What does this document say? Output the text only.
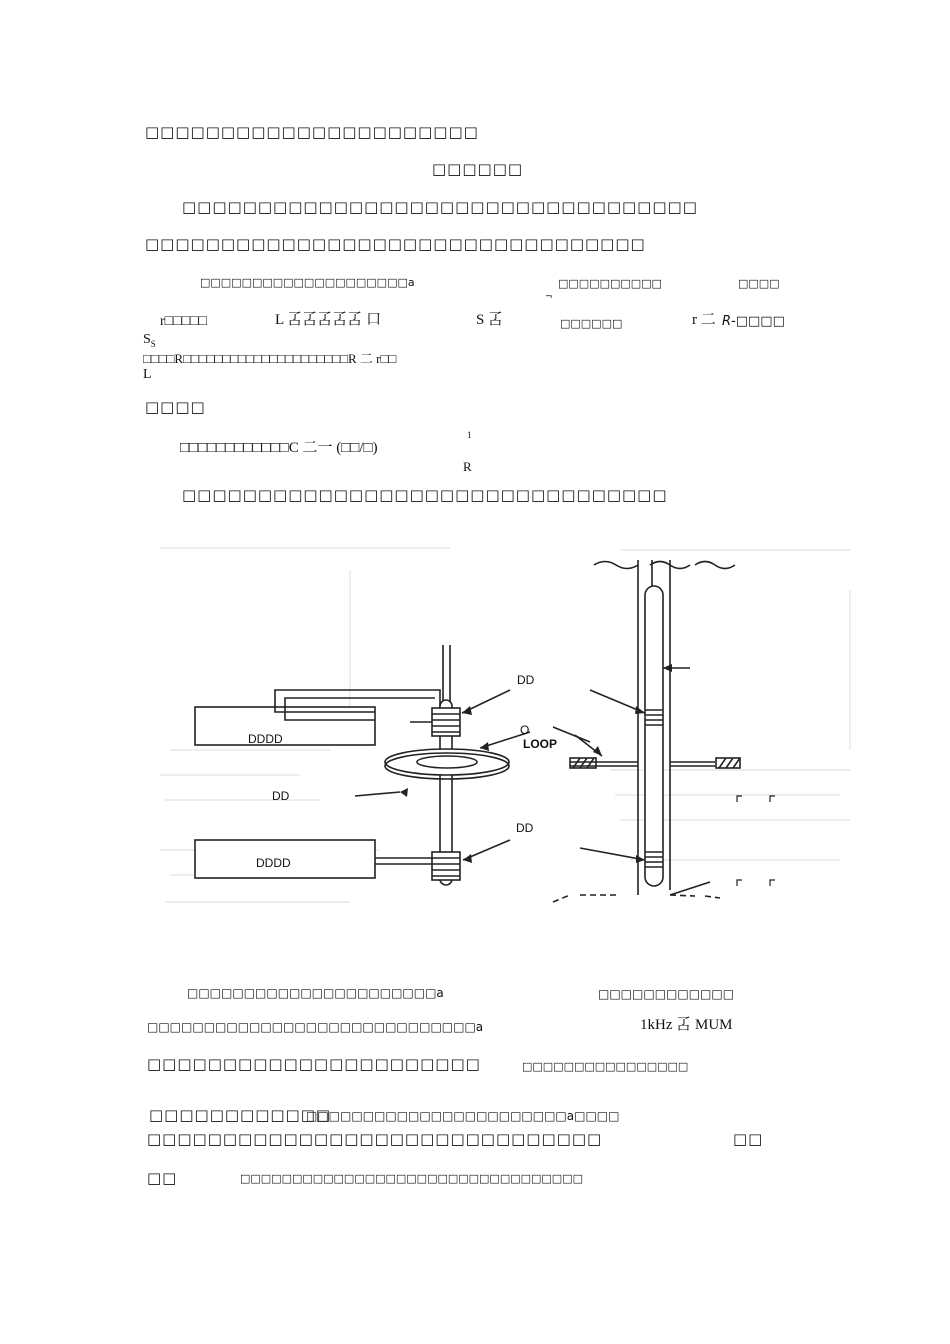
□□□□□□□□□□□□□□□□□□□□□□
□□□□□□
□□□□□□□□□□□□□□□□□□□□□□□□□□□□□□□□□□
□□□□□□□□□□□□□□□□□□□□□□□□□□□□□□□□□
□□□□□□□□□□□□□□□□□□□□a	□□□□□□□□□□	□□□□
¬
r□□□□□	L 叾叾叾叾叾 口	S 叾	□□□□□□	r 二 R-□□□□
$S_S$
□□□□R□□□□□□□□□□□□□□□□□□□□□R 二 r□□
L
□□□□
□□□□□□□□□□□□C 二一 (□□/□)
1
R
□□□□□□□□□□□□□□□□□□□□□□□□□□□□□□□□
DDDD
DDDD
DD
O
LOOP
DD
DD
□□□□□□□□□□□□□□□□□□□□□□a	□□□□□□□□□□□□
□□□□□□□□□□□□□□□□□□□□□□□□□□□□□a	1kHz 叾 MUM
□□□□□□□□□□□□□□□□□□□□□□	□□□□□□□□□□□□□□□□
□□□□□□□□□□□□
□□□□□□□□□□□□□□□□□□□□□□□a□□□□
□□□□□□□□□□□□□□□□□□□□□□□□□□□□□□	□□
□□	□□□□□□□□□□□□□□□□□□□□□□□□□□□□□□□□□
